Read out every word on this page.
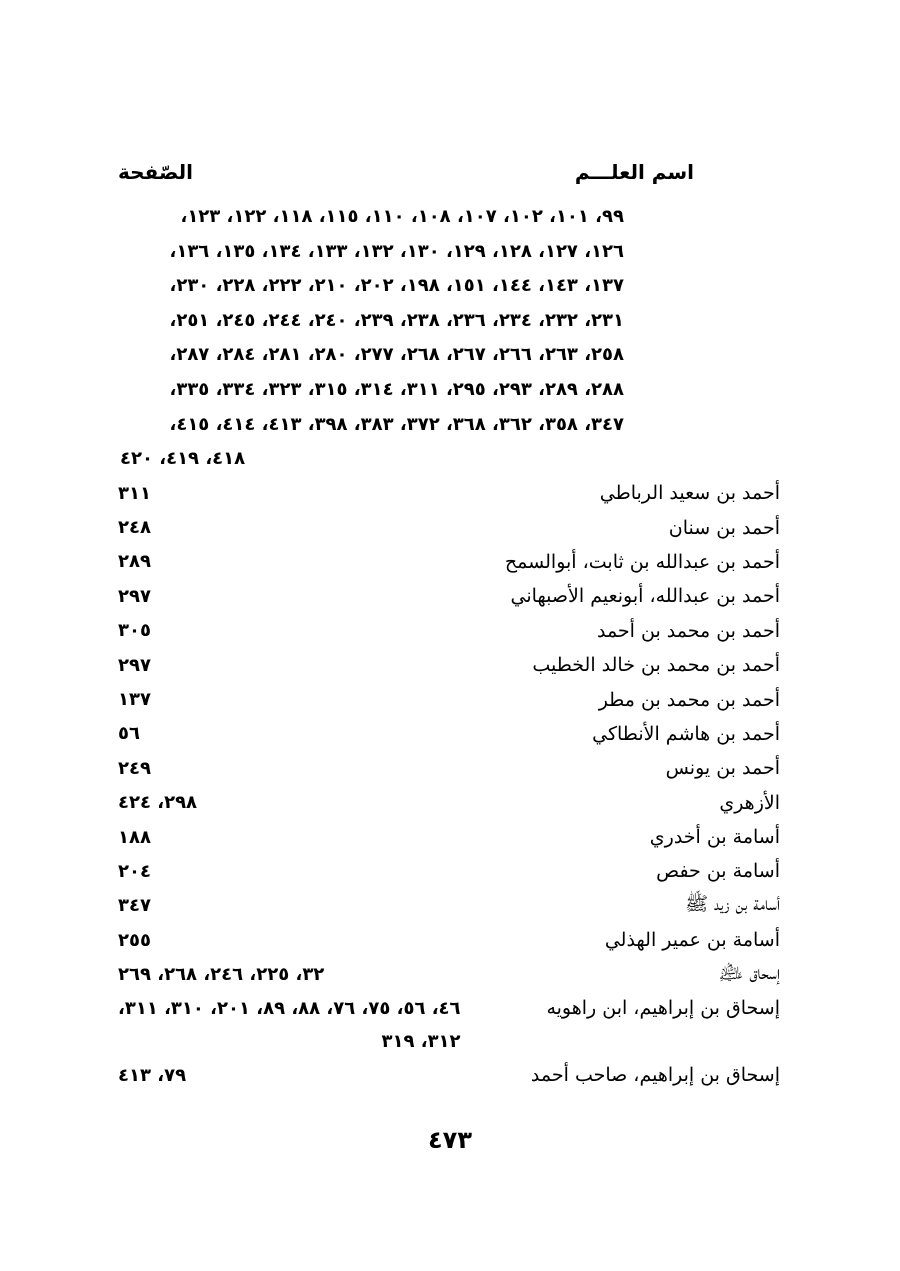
اسم العلـــم
الصّفحة
٩٩، ١٠١، ١٠٢، ١٠٧، ١٠٨، ١١٠، ١١٥، ١١٨، ١٢٢، ١٢٣،
١٢٦، ١٢٧، ١٢٨، ١٢٩، ١٣٠، ١٣٢، ١٣٣، ١٣٤، ١٣٥، ١٣٦،
١٣٧، ١٤٣، ١٤٤، ١٥١، ١٩٨، ٢٠٢، ٢١٠، ٢٢٢، ٢٢٨، ٢٣٠،
٢٣١، ٢٣٢، ٢٣٤، ٢٣٦، ٢٣٨، ٢٣٩، ٢٤٠، ٢٤٤، ٢٤٥، ٢٥١،
٢٥٨، ٢٦٣، ٢٦٦، ٢٦٧، ٢٦٨، ٢٧٧، ٢٨٠، ٢٨١، ٢٨٤، ٢٨٧،
٢٨٨، ٢٨٩، ٢٩٣، ٢٩٥، ٣١١، ٣١٤، ٣١٥، ٣٢٣، ٣٣٤، ٣٣٥،
٣٤٧، ٣٥٨، ٣٦٢، ٣٦٨، ٣٧٢، ٣٨٣، ٣٩٨، ٤١٣، ٤١٤، ٤١٥،
٤١٨، ٤١٩، ٤٢٠
أحمد بن سعيد الرباطي
٣١١
أحمد بن سنان
٢٤٨
أحمد بن عبدالله بن ثابت، أبوالسمح
٢٨٩
أحمد بن عبدالله، أبونعيم الأصبهاني
٢٩٧
أحمد بن محمد بن أحمد
٣٠٥
أحمد بن محمد بن خالد الخطيب
٢٩٧
أحمد بن محمد بن مطر
١٣٧
أحمد بن هاشم الأنطاكي
٥٦
أحمد بن يونس
٢٤٩
الأزهري
٢٩٨، ٤٢٤
أسامة بن أخدري
١٨٨
أسامة بن حفص
٢٠٤
أسامة بن زيد ﷺ
٣٤٧
أسامة بن عمير الهذلي
٢٥٥
إسحاق ﵇
٣٢، ٢٢٥، ٢٤٦، ٢٦٨، ٢٦٩
إسحاق بن إبراهيم، ابن راهويه
٤٦، ٥٦، ٧٥، ٧٦، ٨٨، ٨٩، ٢٠١، ٣١٠، ٣١١،
٣١٢، ٣١٩
إسحاق بن إبراهيم، صاحب أحمد
٧٩، ٤١٣
٤٧٣
